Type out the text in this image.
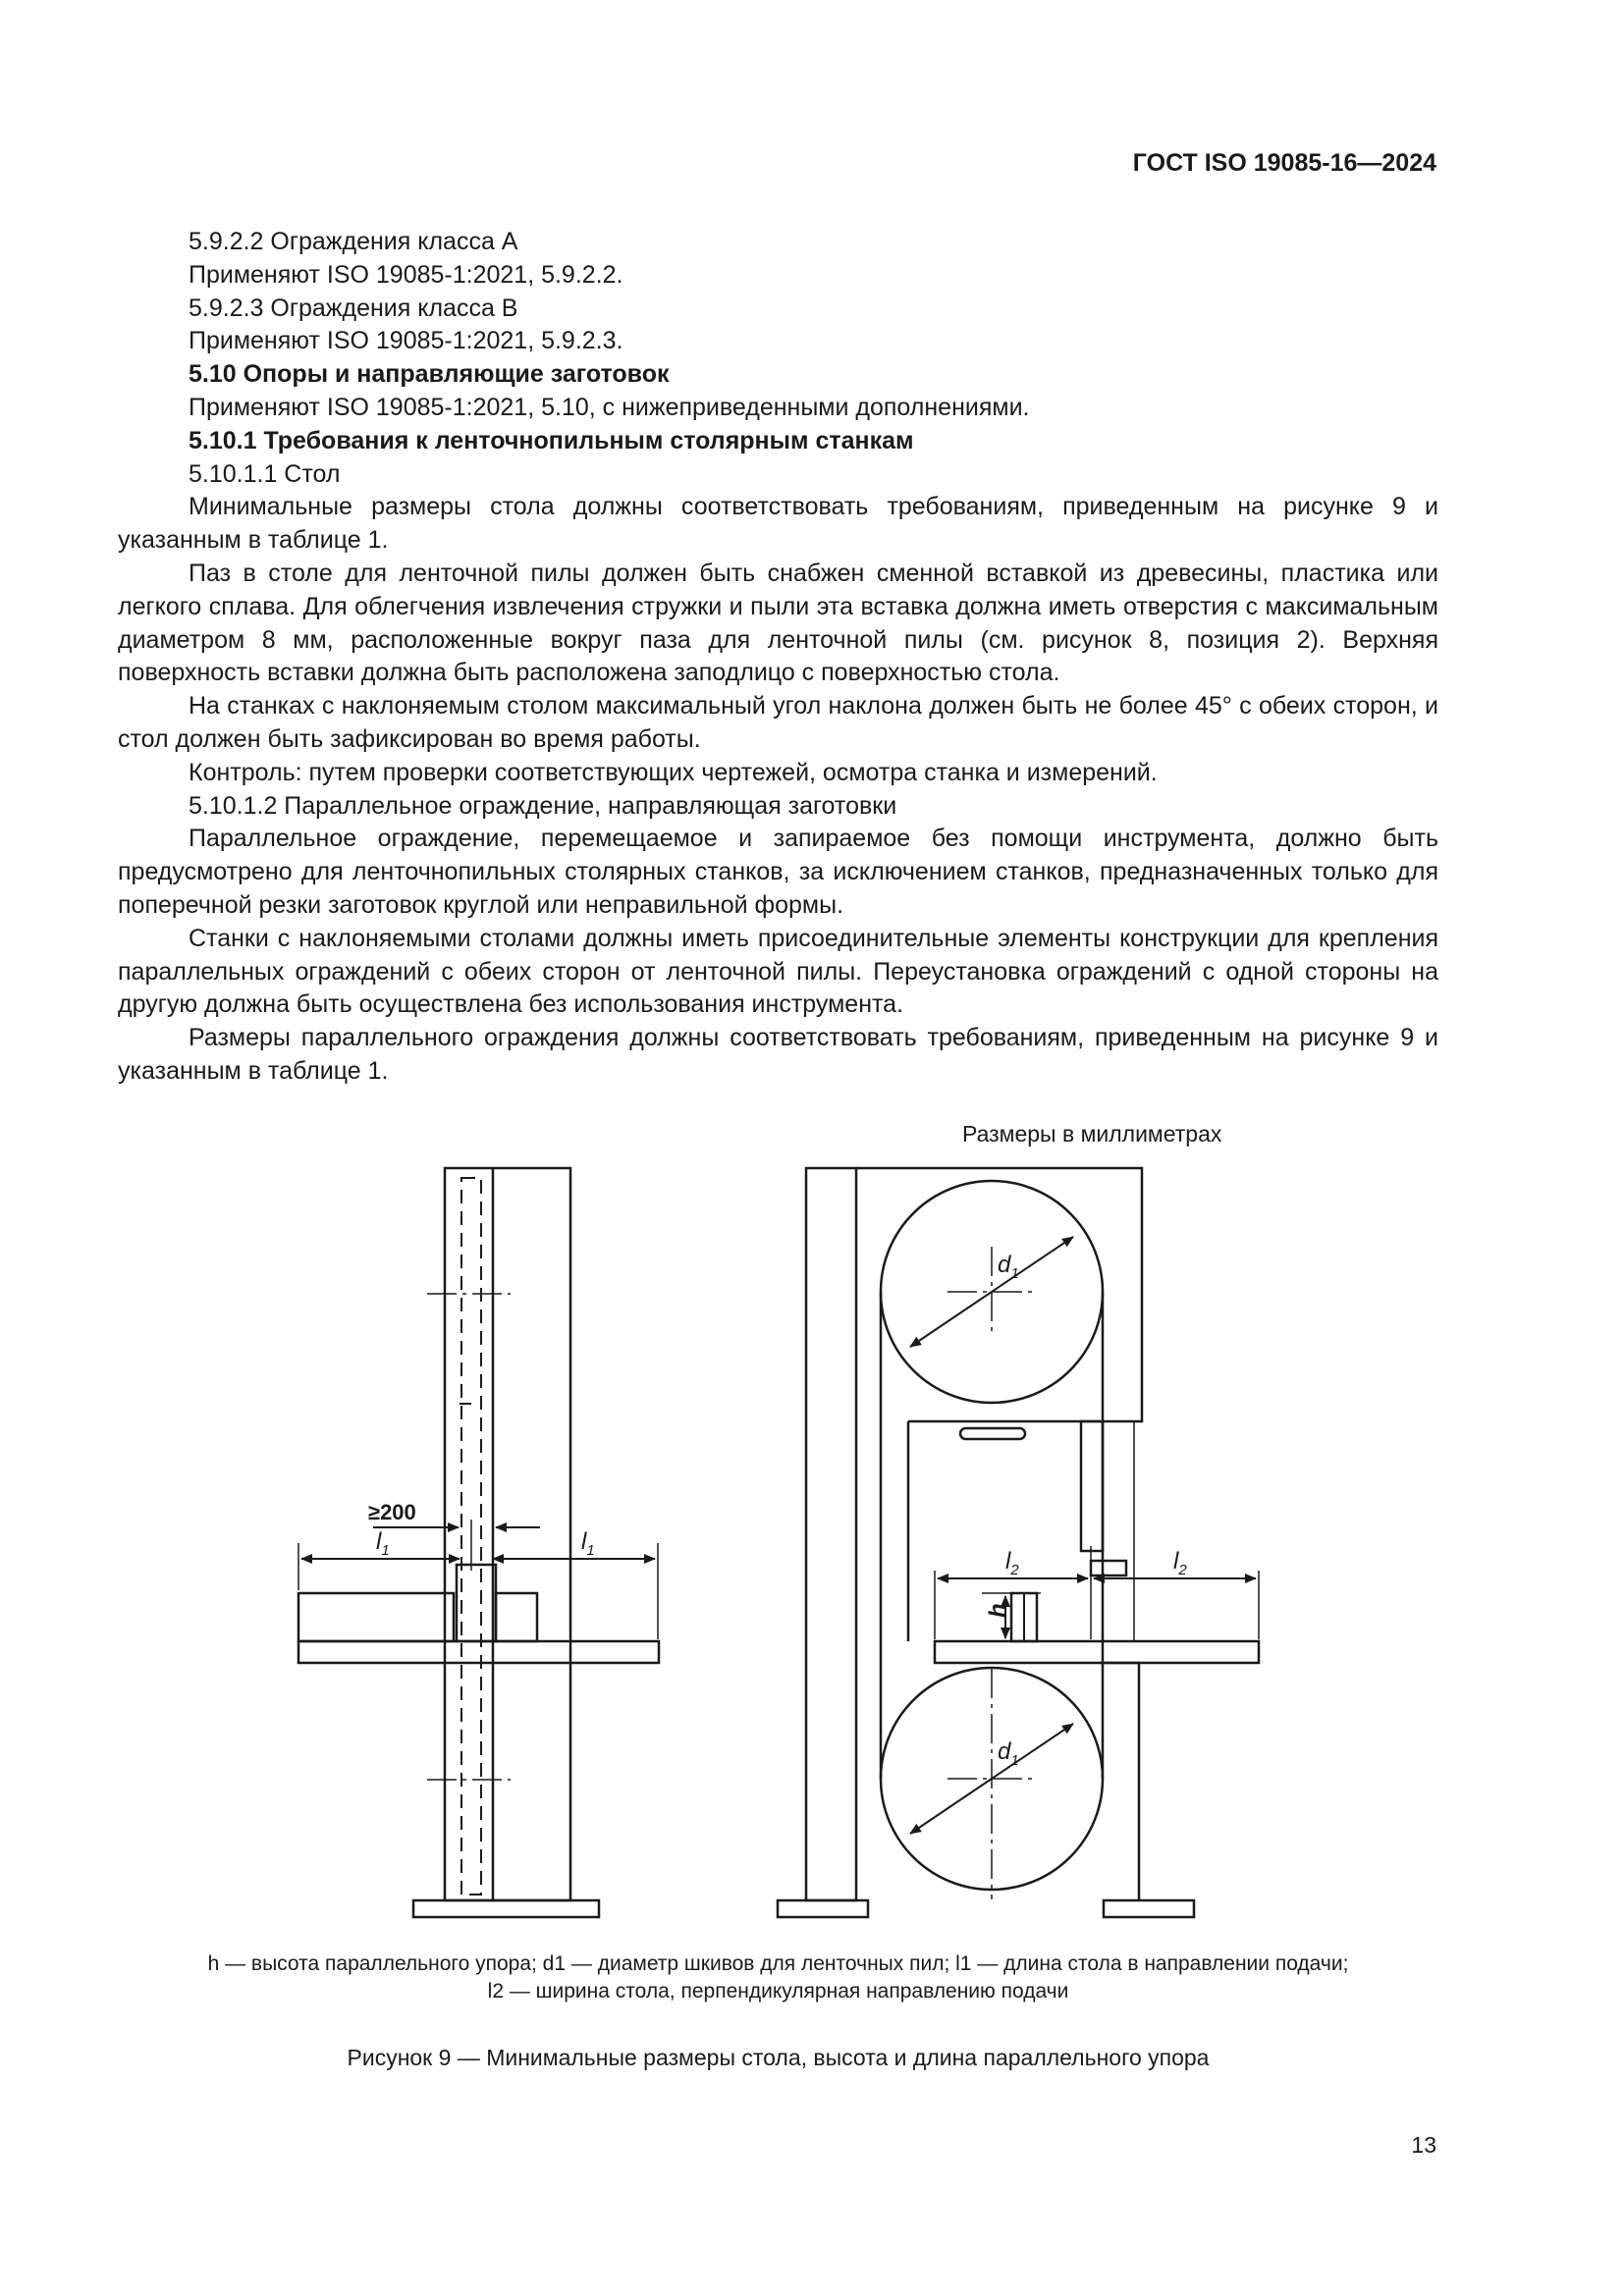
ГОСТ ISO 19085-16—2024

5.9.2.2 Ограждения класса А

Применяют ISO 19085-1:2021, 5.9.2.2.

5.9.2.3 Ограждения класса В

Применяют ISO 19085-1:2021, 5.9.2.3.

5.10 Опоры и направляющие заготовок

Применяют ISO 19085-1:2021, 5.10, с нижеприведенными дополнениями.

5.10.1 Требования к ленточнопильным столярным станкам

5.10.1.1 Стол

Минимальные размеры стола должны соответствовать требованиям, приведенным на рисунке 9 и указанным в таблице 1.

Паз в столе для ленточной пилы должен быть снабжен сменной вставкой из древесины, пластика или легкого сплава. Для облегчения извлечения стружки и пыли эта вставка должна иметь отверстия с максимальным диаметром 8 мм, расположенные вокруг паза для ленточной пилы (см. рисунок 8, позиция 2). Верхняя поверхность вставки должна быть расположена заподлицо с поверхностью стола.

На станках с наклоняемым столом максимальный угол наклона должен быть не более 45° с обеих сторон, и стол должен быть зафиксирован во время работы.

Контроль: путем проверки соответствующих чертежей, осмотра станка и измерений.

5.10.1.2 Параллельное ограждение, направляющая заготовки

Параллельное ограждение, перемещаемое и запираемое без помощи инструмента, должно быть предусмотрено для ленточнопильных столярных станков, за исключением станков, предназначенных только для поперечной резки заготовок круглой или неправильной формы.

Станки с наклоняемыми столами должны иметь присоединительные элементы конструкции для крепления параллельных ограждений с обеих сторон от ленточной пилы. Переустановка ограждений с одной стороны на другую должна быть осуществлена без использования инструмента.

Размеры параллельного ограждения должны соответствовать требованиям, приведенным на рисунке 9 и указанным в таблице 1.

Размеры в миллиметрах
≥200
$l_1$	$l_1$
$d_1$
$d_1$
$l_2$	$l_2$
h

h — высота параллельного упора; d1 — диаметр шкивов для ленточных пил; l1 — длина стола в направлении подачи;

l2 — ширина стола, перпендикулярная направлению подачи

Рисунок 9 — Минимальные размеры стола, высота и длина параллельного упора
13
